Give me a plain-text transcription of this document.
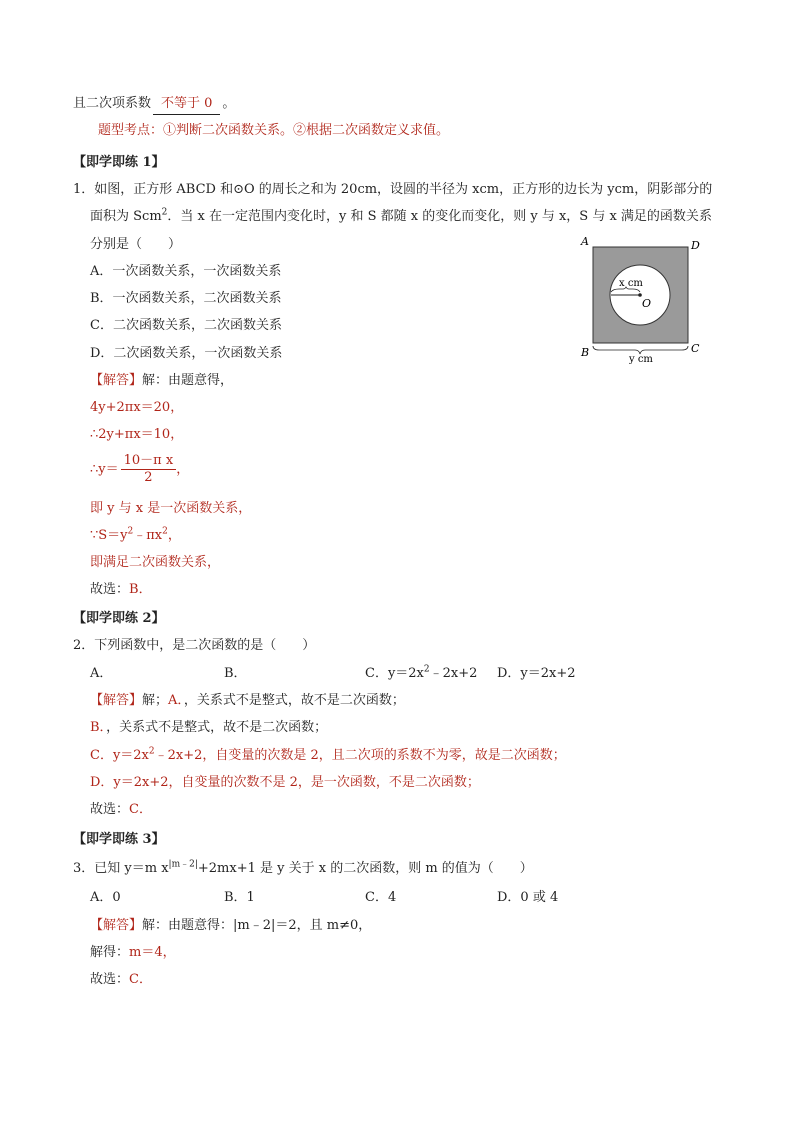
且二次项系数 不等于 0 。
题型考点：①判断二次函数关系。②根据二次函数定义求值。
【即学即练 1】
1．如图，正方形 ABCD 和⊙O 的周长之和为 20cm，设圆的半径为 xcm，正方形的边长为 ycm，阴影部分的
面积为 Scm$^2$．当 x 在一定范围内变化时，y 和 S 都随 x 的变化而变化，则 y 与 x，S 与 x 满足的函数关系
分别是（　　）
A．一次函数关系，一次函数关系
B．一次函数关系，二次函数关系
C．二次函数关系，二次函数关系
D．二次函数关系，一次函数关系
A	D
B	C
O
x cm
y cm
【解答】解：由题意得，
4y+2πx＝20，
∴2y+πx＝10，
∴y＝ $\frac{\text{10－π x}}{2}$ ，
即 y 与 x 是一次函数关系，
$\because S=y^2﹣\pi x^2$，
即满足二次函数关系，
故选：B．
【即学即练 2】
2．下列函数中，是二次函数的是（　　）
A．	B．	C．$y=2x^2﹣2x+2$ D．y＝2x+2
【解答】解；A．，关系式不是整式，故不是二次函数；
B．，关系式不是整式，故不是二次函数；
C．$y=2x^2﹣2x+2$，自变量的次数是 2，且二次项的系数不为零，故是二次函数；
D．y＝2x+2，自变量的次数不是 2，是一次函数，不是二次函数；
故选：C．
【即学即练 3】
3．已知 y＝m $x^{|m﹣2|}+2mx+1$ 是 y 关于 x 的二次函数，则 m 的值为（　　）
A．0	B．1	C．4	D．0 或 4
【解答】解：由题意得：|m﹣2|＝2，且 m≠0，
解得：m＝4，
故选：C．
